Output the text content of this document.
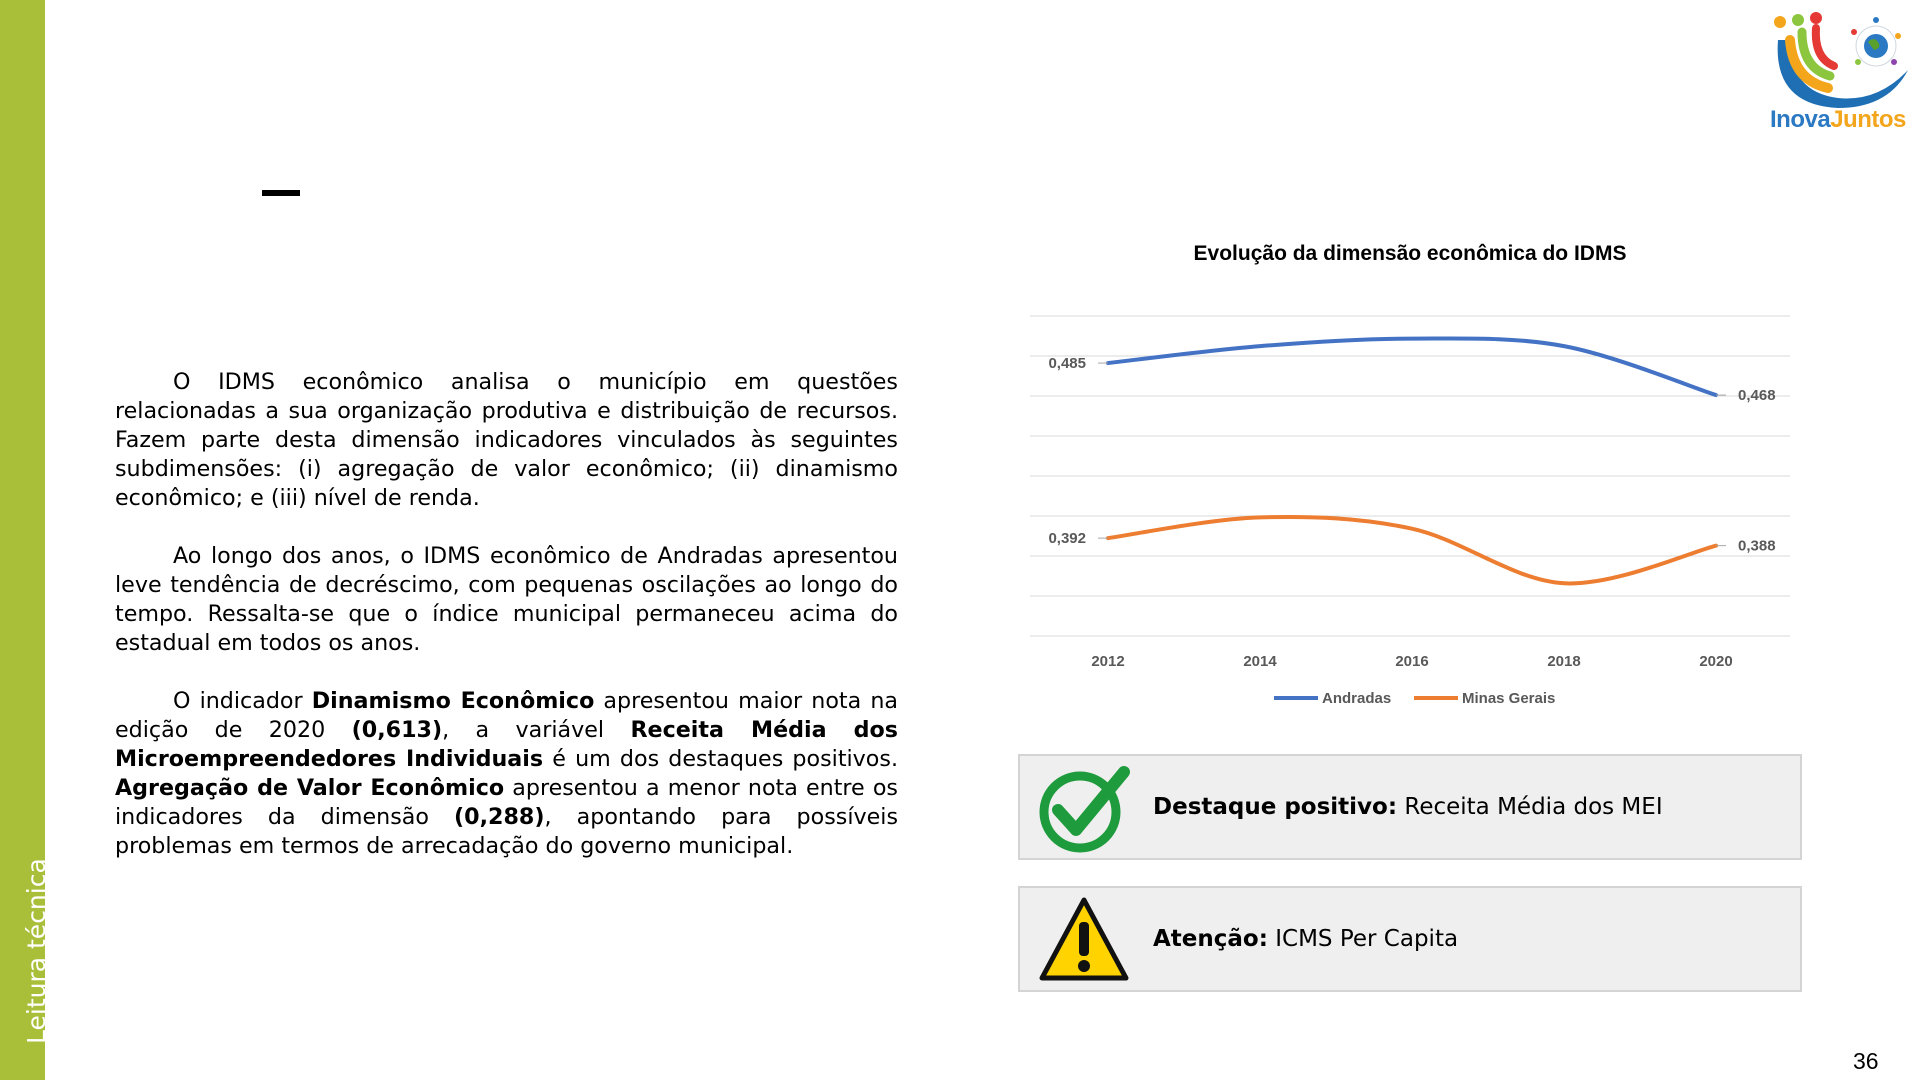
Leitura técnica
InovaJuntos

O IDMS econômico analisa o município em questões relacionadas a sua organização produtiva e distribuição de recursos. Fazem parte desta dimensão indicadores vinculados às seguintes subdimensões: (i) agregação de valor econômico; (ii) dinamismo econômico; e (iii) nível de renda.

Ao longo dos anos, o IDMS econômico de Andradas apresentou leve tendência de decréscimo, com pequenas oscilações ao longo do tempo. Ressalta-se que o índice municipal permaneceu acima do estadual em todos os anos.

O indicador Dinamismo Econômico apresentou maior nota na edição de 2020 (0,613), a variável Receita Média dos Microempreendedores Individuais é um dos destaques positivos. Agregação de Valor Econômico apresentou a menor nota entre os indicadores da dimensão (0,288), apontando para possíveis problemas em termos de arrecadação do governo municipal.

Evolução da dimensão econômica do IDMS
0,485
0,468
0,392	0,388
2012	2014	2016	2018	2020
Andradas	Minas Gerais
Destaque positivo: Receita Média dos MEI
Atenção: ICMS Per Capita
36
